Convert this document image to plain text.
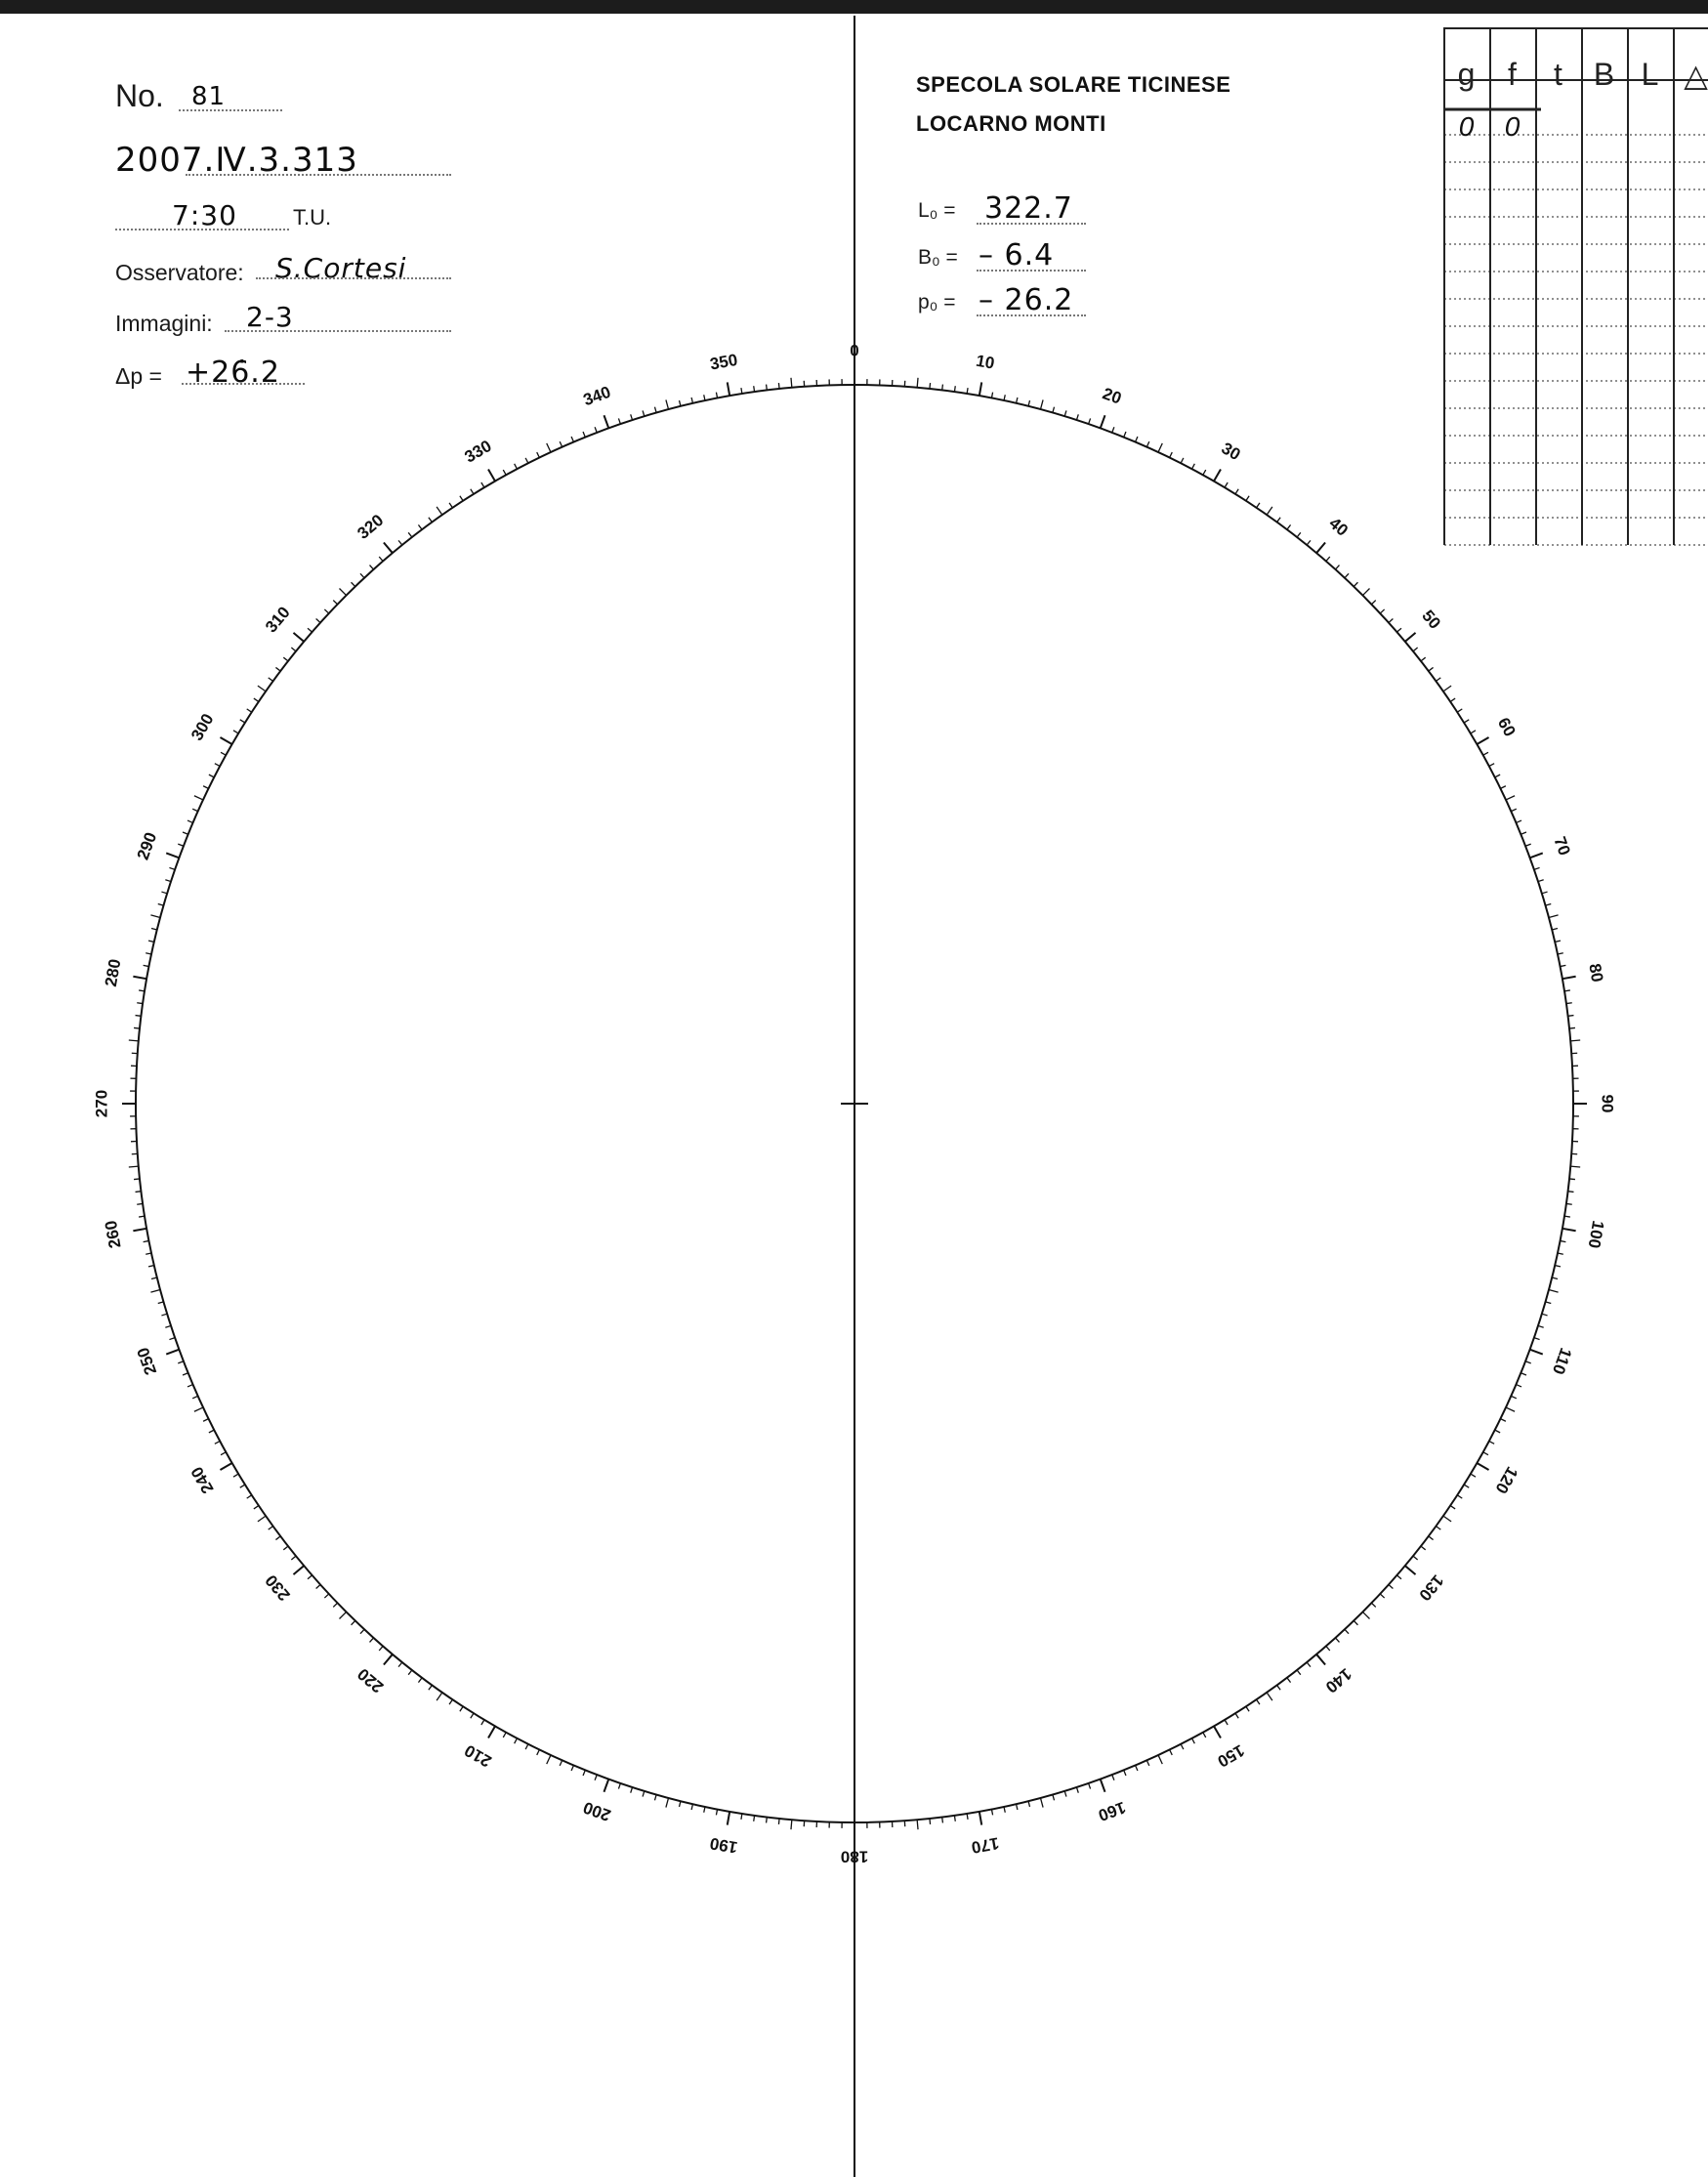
No. 81
2007.Ⅳ.3.313
7:30	T.U.
Osservatore: S.Cortesi
Immagini: 2-3
Δp = +26̇.2
SPECOLA SOLARE TICINESE
LOCARNO MONTI
L₀ = 322.7
B₀ = – 6.4
p₀ = – 26.2
g	f	t B L △
0	0
0
10
20
30
40
50
60
70
80
90
100
110
120
130
140
150
160
170
180
190
200
210
220
230
240
250
260
270
280
290
300
310
320
330
340
350
